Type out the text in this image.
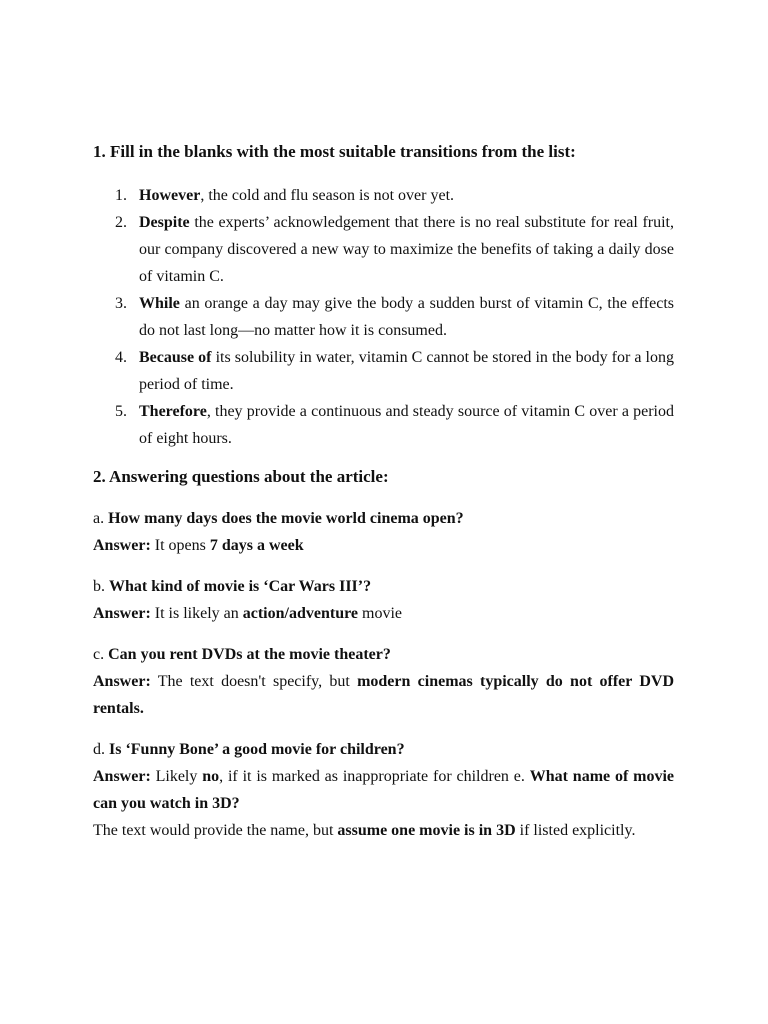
1. Fill in the blanks with the most suitable transitions from the list:
1. However, the cold and flu season is not over yet.
2. Despite the experts’ acknowledgement that there is no real substitute for real fruit, our company discovered a new way to maximize the benefits of taking a daily dose of vitamin C.
3. While an orange a day may give the body a sudden burst of vitamin C, the effects do not last long—no matter how it is consumed.
4. Because of its solubility in water, vitamin C cannot be stored in the body for a long period of time.
5. Therefore, they provide a continuous and steady source of vitamin C over a period of eight hours.
2. Answering questions about the article:

a. How many days does the movie world cinema open?

Answer: It opens 7 days a week

b. What kind of movie is ‘Car Wars III’?

Answer: It is likely an action/adventure movie

c. Can you rent DVDs at the movie theater?

Answer: The text doesn't specify, but modern cinemas typically do not offer DVD rentals.

d. Is ‘Funny Bone’ a good movie for children?

Answer: Likely no, if it is marked as inappropriate for children e. What name of movie can you watch in 3D?

The text would provide the name, but assume one movie is in 3D if listed explicitly.
